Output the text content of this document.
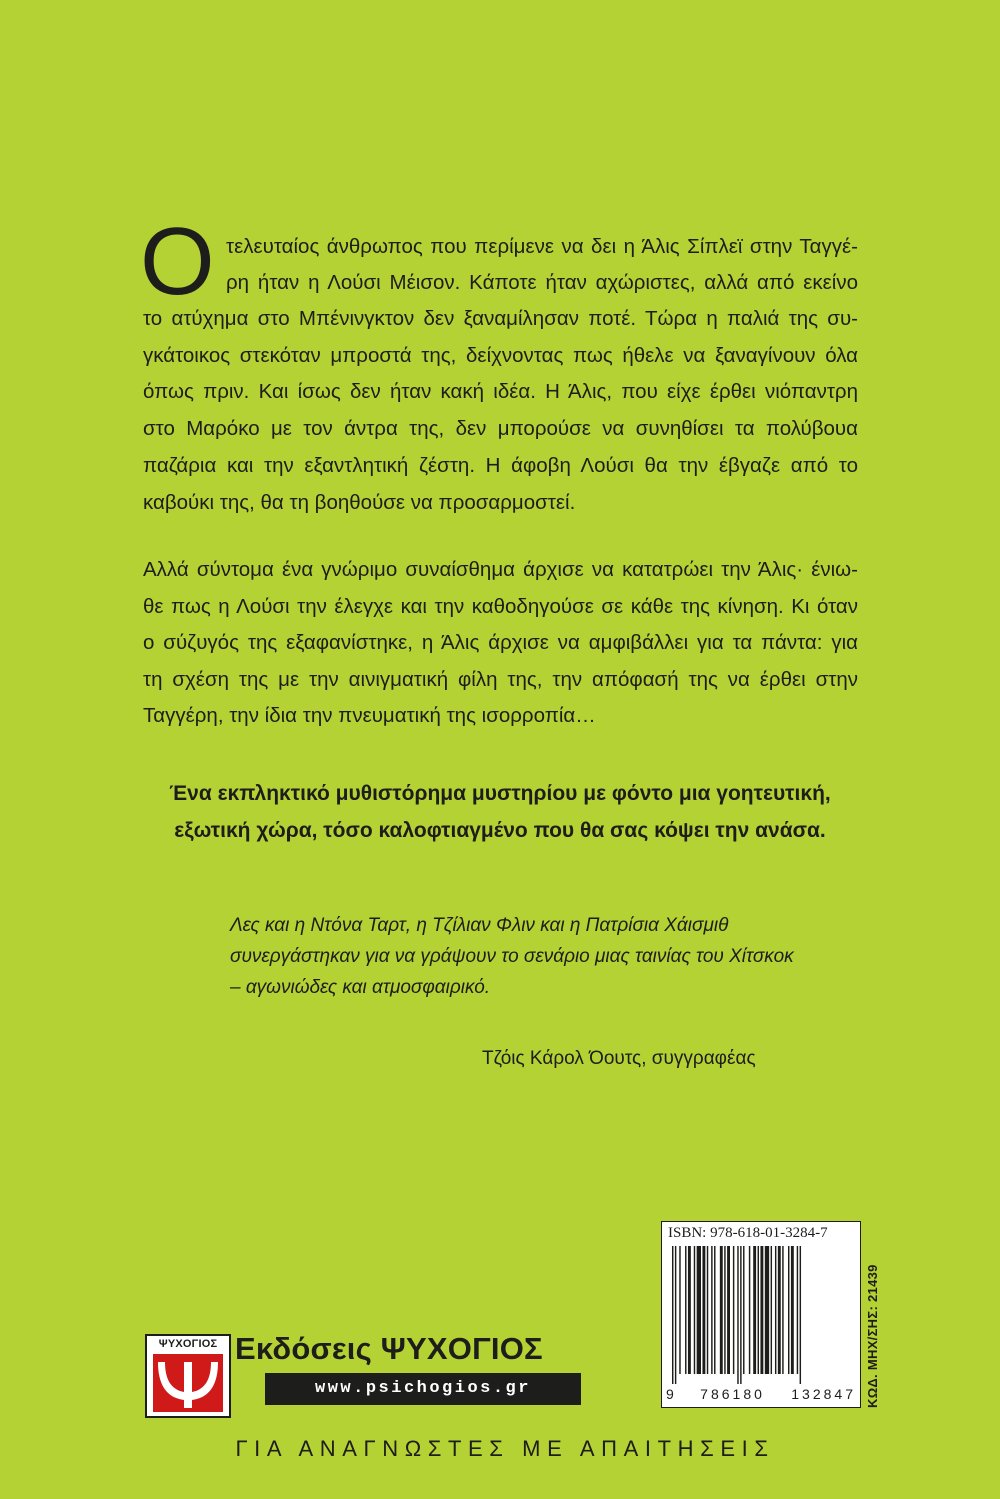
Ο τελευταίος άνθρωπος που περίμενε να δει η Άλις Σίπλεϊ στην Ταγγέ-
ρη ήταν η Λούσι Μέισον. Κάποτε ήταν αχώριστες, αλλά από εκείνο
το ατύχημα στο Μπένινγκτον δεν ξαναμίλησαν ποτέ. Τώρα η παλιά της συ-
γκάτοικος στεκόταν μπροστά της, δείχνοντας πως ήθελε να ξαναγίνουν όλα
όπως πριν. Και ίσως δεν ήταν κακή ιδέα. Η Άλις, που είχε έρθει νιόπαντρη
στο Μαρόκο με τον άντρα της, δεν μπορούσε να συνηθίσει τα πολύβουα
παζάρια και την εξαντλητική ζέστη. Η άφοβη Λούσι θα την έβγαζε από το
καβούκι της, θα τη βοηθούσε να προσαρμοστεί.
Αλλά σύντομα ένα γνώριμο συναίσθημα άρχισε να κατατρώει την Άλις· ένιω-
θε πως η Λούσι την έλεγχε και την καθοδηγούσε σε κάθε της κίνηση. Κι όταν
ο σύζυγός της εξαφανίστηκε, η Άλις άρχισε να αμφιβάλλει για τα πάντα: για
τη σχέση της με την αινιγματική φίλη της, την απόφασή της να έρθει στην
Ταγγέρη, την ίδια την πνευματική της ισορροπία…
Ένα εκπληκτικό μυθιστόρημα μυστηρίου με φόντο μια γοητευτική,
εξωτική χώρα, τόσο καλοφτιαγμένο που θα σας κόψει την ανάσα.
Λες και η Ντόνα Ταρτ, η Τζίλιαν Φλιν και η Πατρίσια Χάισμιθ
συνεργάστηκαν για να γράψουν το σενάριο μιας ταινίας του Χίτσκοκ
– αγωνιώδες και ατμοσφαιρικό.
Τζόις Κάρολ Όουτς, συγγραφέας
ISBN: 978-618-01-3284-7
9 786180 132847 ΚΩΔ. ΜΗΧ/ΣΗΣ: 21439
ΨΥΧΟΓΙΟΣ Εκδόσεις ΨΥΧΟΓΙΟΣ
www.psichogios.gr
ΓΙΑ ΑΝΑΓΝΩΣΤΕΣ ΜΕ ΑΠΑΙΤΗΣΕΙΣ
